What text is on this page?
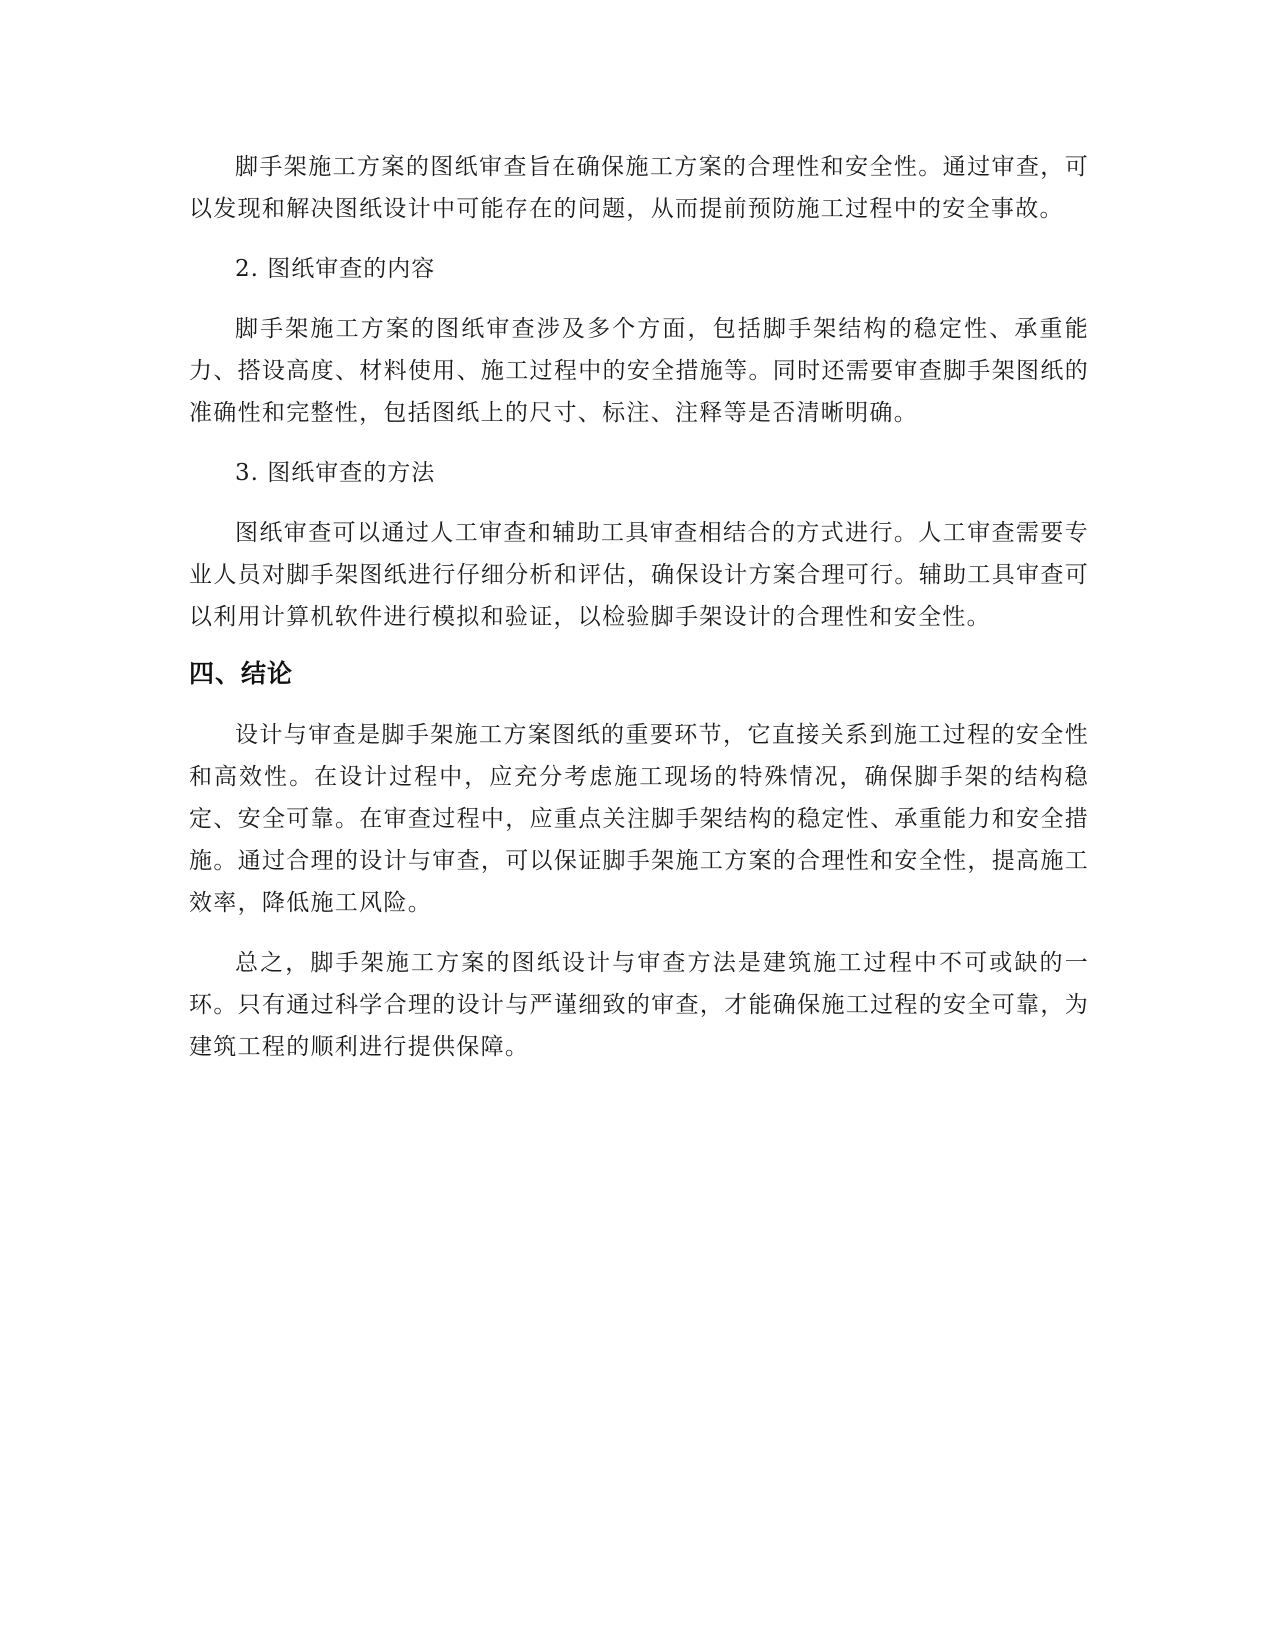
脚手架施工方案的图纸审查旨在确保施工方案的合理性和安全性。通过审查，可以发现和解决图纸设计中可能存在的问题，从而提前预防施工过程中的安全事故。

2. 图纸审查的内容

脚手架施工方案的图纸审查涉及多个方面，包括脚手架结构的稳定性、承重能力、搭设高度、材料使用、施工过程中的安全措施等。同时还需要审查脚手架图纸的准确性和完整性，包括图纸上的尺寸、标注、注释等是否清晰明确。

3. 图纸审查的方法

图纸审查可以通过人工审查和辅助工具审查相结合的方式进行。人工审查需要专业人员对脚手架图纸进行仔细分析和评估，确保设计方案合理可行。辅助工具审查可以利用计算机软件进行模拟和验证，以检验脚手架设计的合理性和安全性。

四、结论

设计与审查是脚手架施工方案图纸的重要环节，它直接关系到施工过程的安全性和高效性。在设计过程中，应充分考虑施工现场的特殊情况，确保脚手架的结构稳定、安全可靠。在审查过程中，应重点关注脚手架结构的稳定性、承重能力和安全措施。通过合理的设计与审查，可以保证脚手架施工方案的合理性和安全性，提高施工效率，降低施工风险。

总之，脚手架施工方案的图纸设计与审查方法是建筑施工过程中不可或缺的一环。只有通过科学合理的设计与严谨细致的审查，才能确保施工过程的安全可靠，为建筑工程的顺利进行提供保障。
